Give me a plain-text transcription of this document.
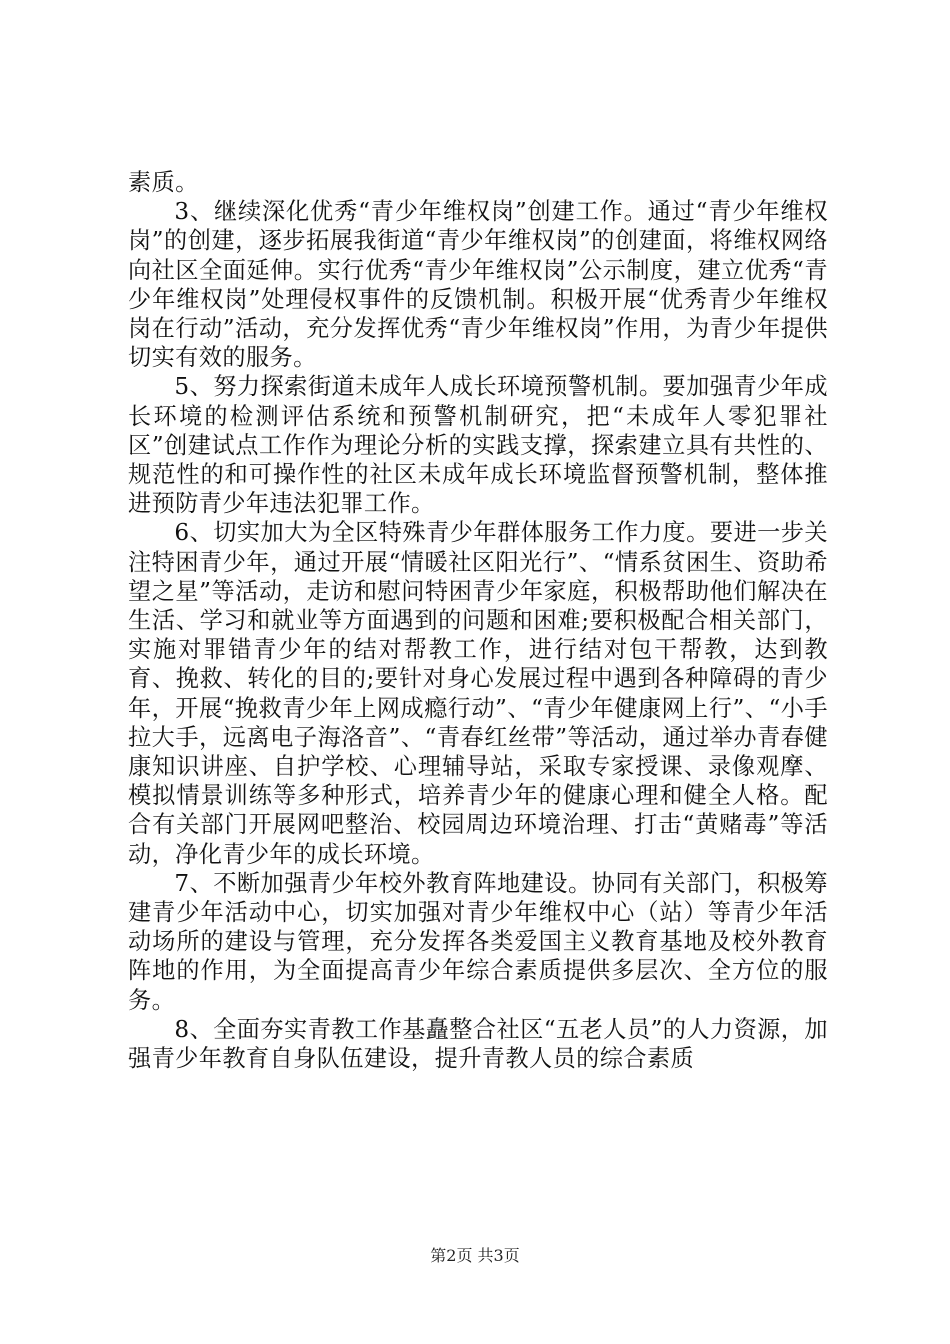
素质。

3、继续深化优秀“青少年维权岗”创建工作。通过“青少年维权岗”的创建，逐步拓展我街道“青少年维权岗”的创建面，将维权网络向社区全面延伸。实行优秀“青少年维权岗”公示制度，建立优秀“青少年维权岗”处理侵权事件的反馈机制。积极开展“优秀青少年维权岗在行动”活动，充分发挥优秀“青少年维权岗”作用，为青少年提供切实有效的服务。

5、努力探索街道未成年人成长环境预警机制。要加强青少年成长环境的检测评估系统和预警机制研究，把“未成年人零犯罪社区”创建试点工作作为理论分析的实践支撑，探索建立具有共性的、规范性的和可操作性的社区未成年成长环境监督预警机制，整体推进预防青少年违法犯罪工作。

6、切实加大为全区特殊青少年群体服务工作力度。要进一步关注特困青少年，通过开展“情暖社区阳光行”、“情系贫困生、资助希望之星”等活动，走访和慰问特困青少年家庭，积极帮助他们解决在生活、学习和就业等方面遇到的问题和困难;要积极配合相关部门，实施对罪错青少年的结对帮教工作，进行结对包干帮教，达到教育、挽救、转化的目的;要针对身心发展过程中遇到各种障碍的青少年，开展“挽救青少年上网成瘾行动”、“青少年健康网上行”、“小手拉大手，远离电子海洛音”、“青春红丝带”等活动，通过举办青春健康知识讲座、自护学校、心理辅导站，采取专家授课、录像观摩、模拟情景训练等多种形式，培养青少年的健康心理和健全人格。配合有关部门开展网吧整治、校园周边环境治理、打击“黄赌毒”等活动，净化青少年的成长环境。

7、不断加强青少年校外教育阵地建设。协同有关部门，积极筹建青少年活动中心，切实加强对青少年维权中心（站）等青少年活动场所的建设与管理，充分发挥各类爱国主义教育基地及校外教育阵地的作用，为全面提高青少年综合素质提供多层次、全方位的服务。

8、全面夯实青教工作基矗整合社区“五老人员”的人力资源，加强青少年教育自身队伍建设，提升青教人员的综合素质

第2页 共3页
